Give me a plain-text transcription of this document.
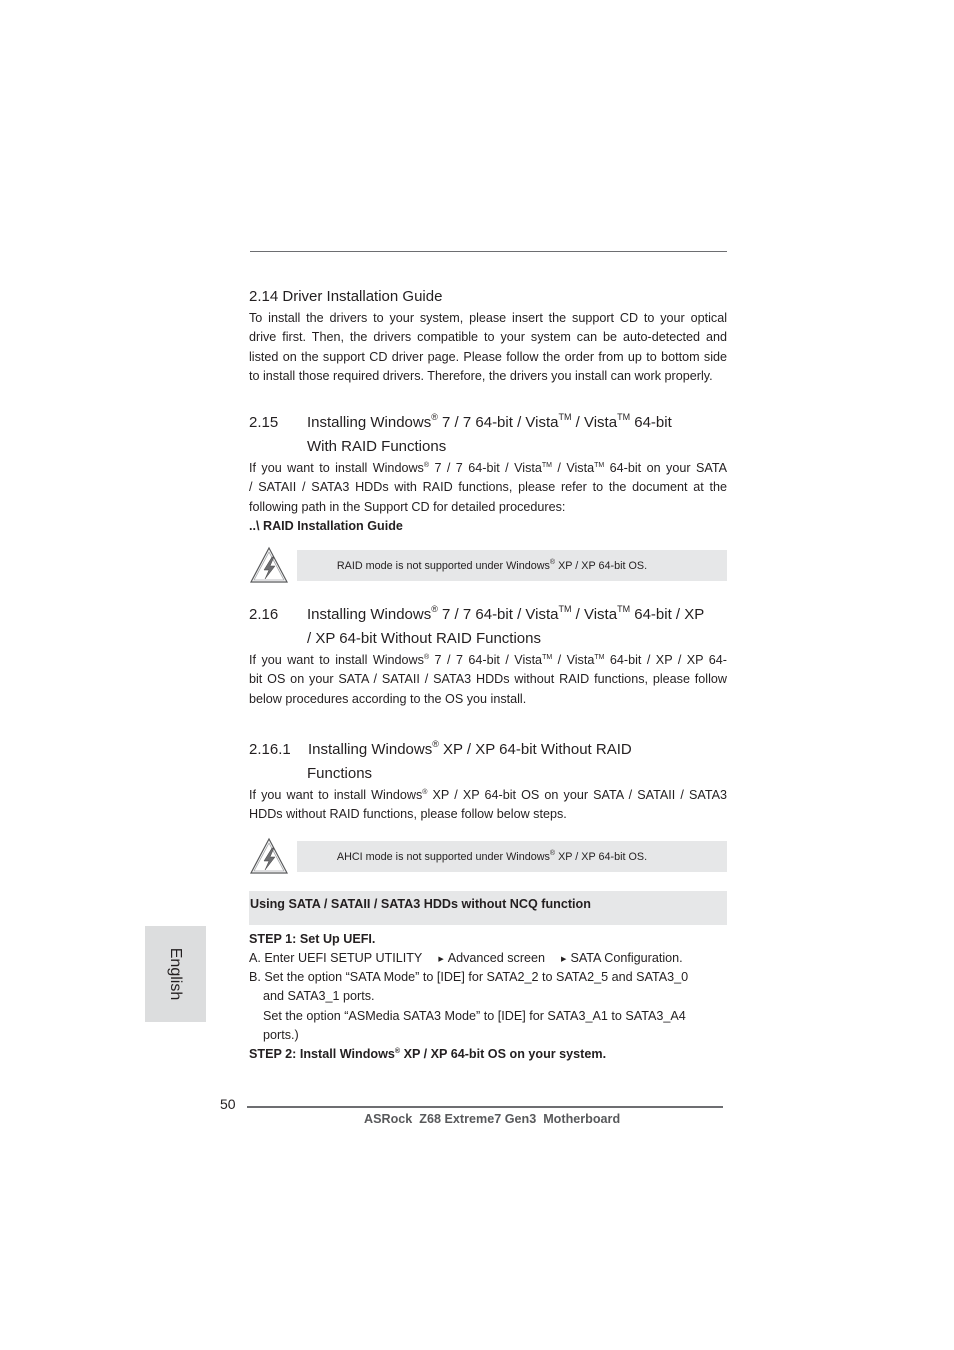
2.14 Driver Installation Guide
To install the drivers to your system, please insert the support CD to your optical
drive first. Then, the drivers compatible to your system can be auto-detected and
listed on the support CD driver page. Please follow the order from up to bottom side
to install those required drivers. Therefore, the drivers you install can work properly.
2.15 Installing Windows® 7 / 7 64-bit / Vista™ / Vista™ 64-bit
With RAID Functions
If you want to install Windows® 7 / 7 64-bit / Vista™ / Vista™ 64-bit on your SATA
/ SATAII / SATA3 HDDs with RAID functions, please refer to the document at the
following path in the Support CD for detailed procedures:
..\ RAID Installation Guide
RAID mode is not supported under Windows® XP / XP 64-bit OS.
2.16 Installing Windows® 7 / 7 64-bit / Vista™ / Vista™ 64-bit / XP
/ XP 64-bit Without RAID Functions
If you want to install Windows® 7 / 7 64-bit / Vista™ / Vista™ 64-bit / XP / XP 64-
bit OS on your SATA / SATAII / SATA3 HDDs without RAID functions, please follow
below procedures according to the OS you install.
2.16.1 Installing Windows® XP / XP 64-bit Without RAID
Functions
If you want to install Windows® XP / XP 64-bit OS on your SATA / SATAII / SATA3
HDDs without RAID functions, please follow below steps.
AHCI mode is not supported under Windows® XP / XP 64-bit OS.
Using SATA / SATAII / SATA3 HDDs without NCQ function
STEP 1: Set Up UEFI.
A. Enter UEFI SETUP UTILITY ▶ Advanced screen ▶ SATA Configuration.
B. Set the option “SATA Mode” to [IDE] for SATA2_2 to SATA2_5 and SATA3_0
and SATA3_1 ports.
Set the option “ASMedia SATA3 Mode” to [IDE] for SATA3_A1 to SATA3_A4
ports.)
STEP 2: Install Windows® XP / XP 64-bit OS on your system.
English
50
ASRock  Z68 Extreme7 Gen3  Motherboard
